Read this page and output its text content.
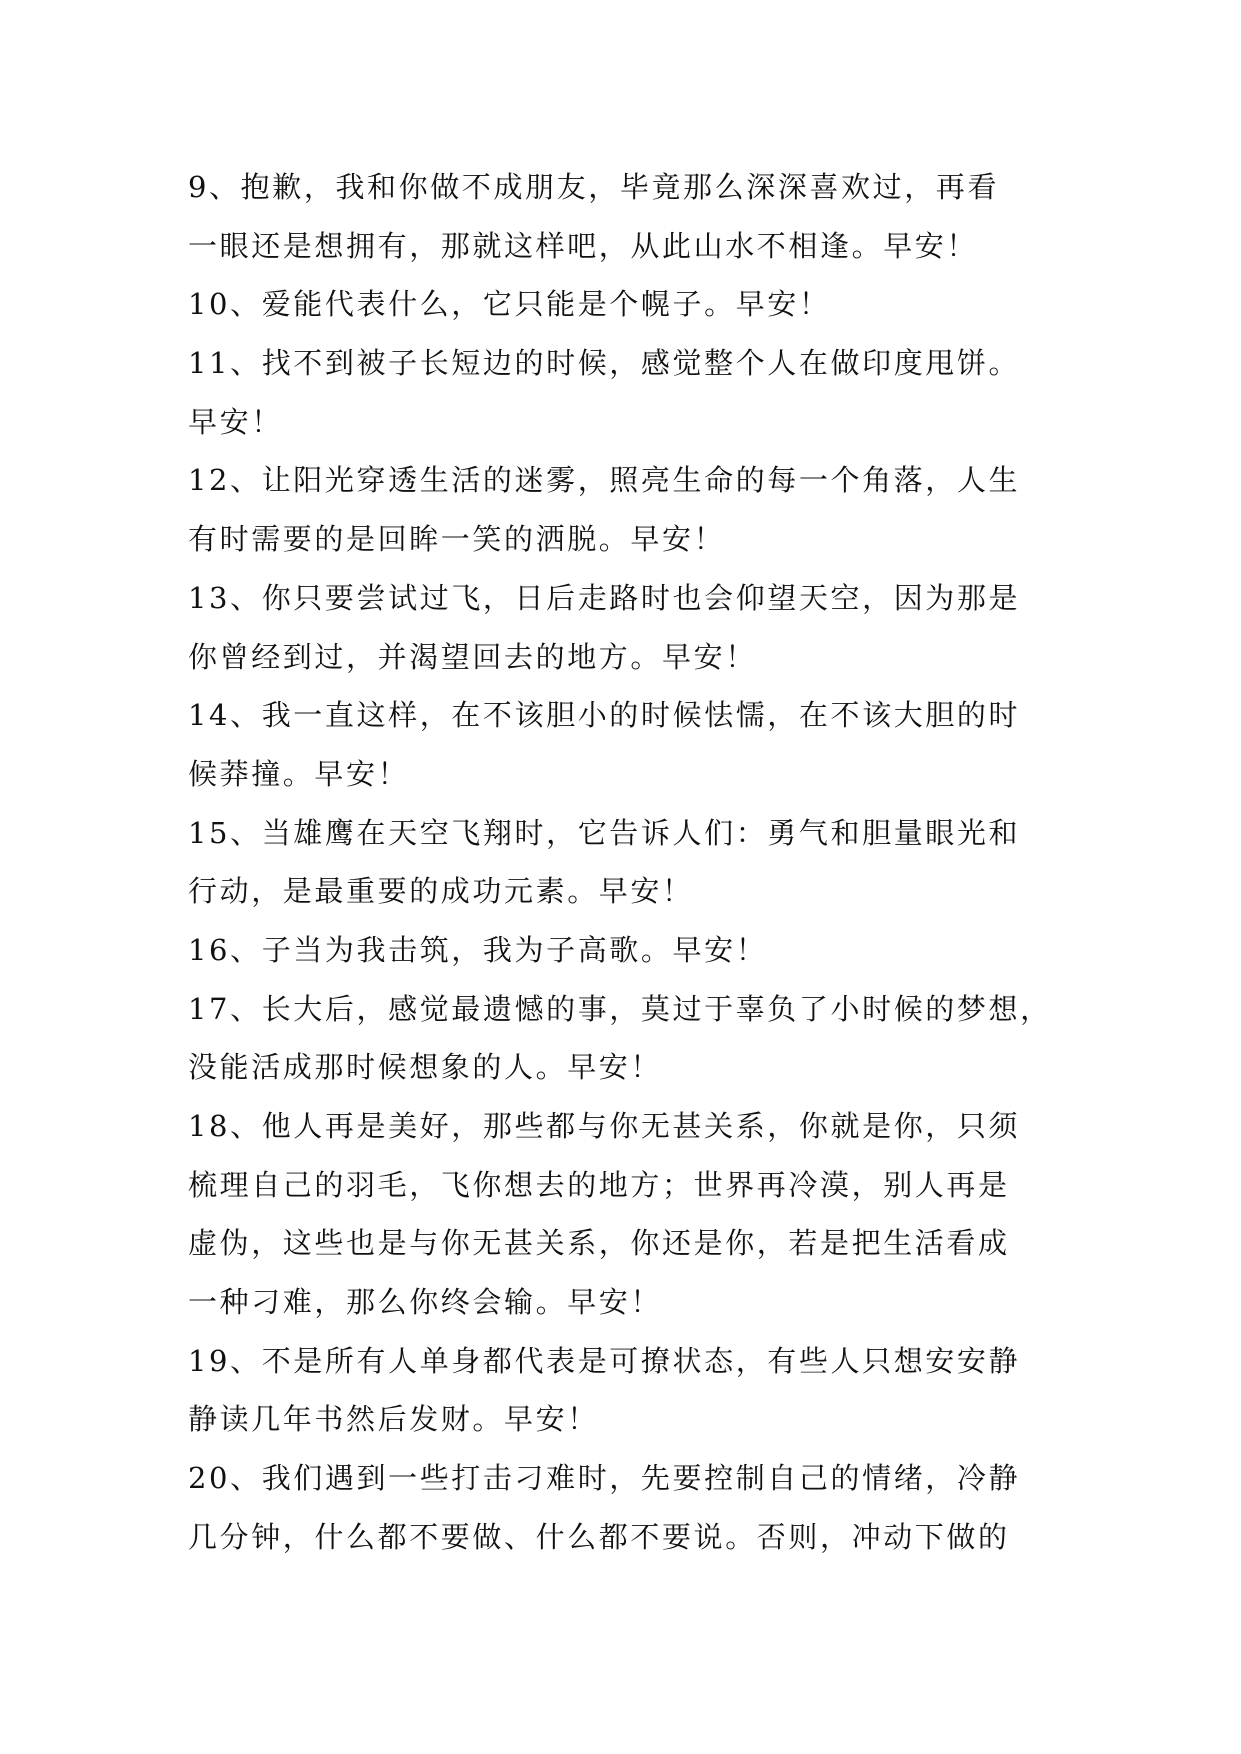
9、抱歉，我和你做不成朋友，毕竟那么深深喜欢过，再看
一眼还是想拥有，那就这样吧，从此山水不相逢。早安！
10、爱能代表什么，它只能是个幌子。早安！
11、找不到被子长短边的时候，感觉整个人在做印度甩饼。
早安！
12、让阳光穿透生活的迷雾，照亮生命的每一个角落，人生
有时需要的是回眸一笑的洒脱。早安！
13、你只要尝试过飞，日后走路时也会仰望天空，因为那是
你曾经到过，并渴望回去的地方。早安！
14、我一直这样，在不该胆小的时候怯懦，在不该大胆的时
候莽撞。早安！
15、当雄鹰在天空飞翔时，它告诉人们：勇气和胆量眼光和
行动，是最重要的成功元素。早安！
16、子当为我击筑，我为子高歌。早安！
17、长大后，感觉最遗憾的事，莫过于辜负了小时候的梦想，
没能活成那时候想象的人。早安！
18、他人再是美好，那些都与你无甚关系，你就是你，只须
梳理自己的羽毛，飞你想去的地方；世界再冷漠，别人再是
虚伪，这些也是与你无甚关系，你还是你，若是把生活看成
一种刁难，那么你终会输。早安！
19、不是所有人单身都代表是可撩状态，有些人只想安安静
静读几年书然后发财。早安！
20、我们遇到一些打击刁难时，先要控制自己的情绪，冷静
几分钟，什么都不要做、什么都不要说。否则，冲动下做的
